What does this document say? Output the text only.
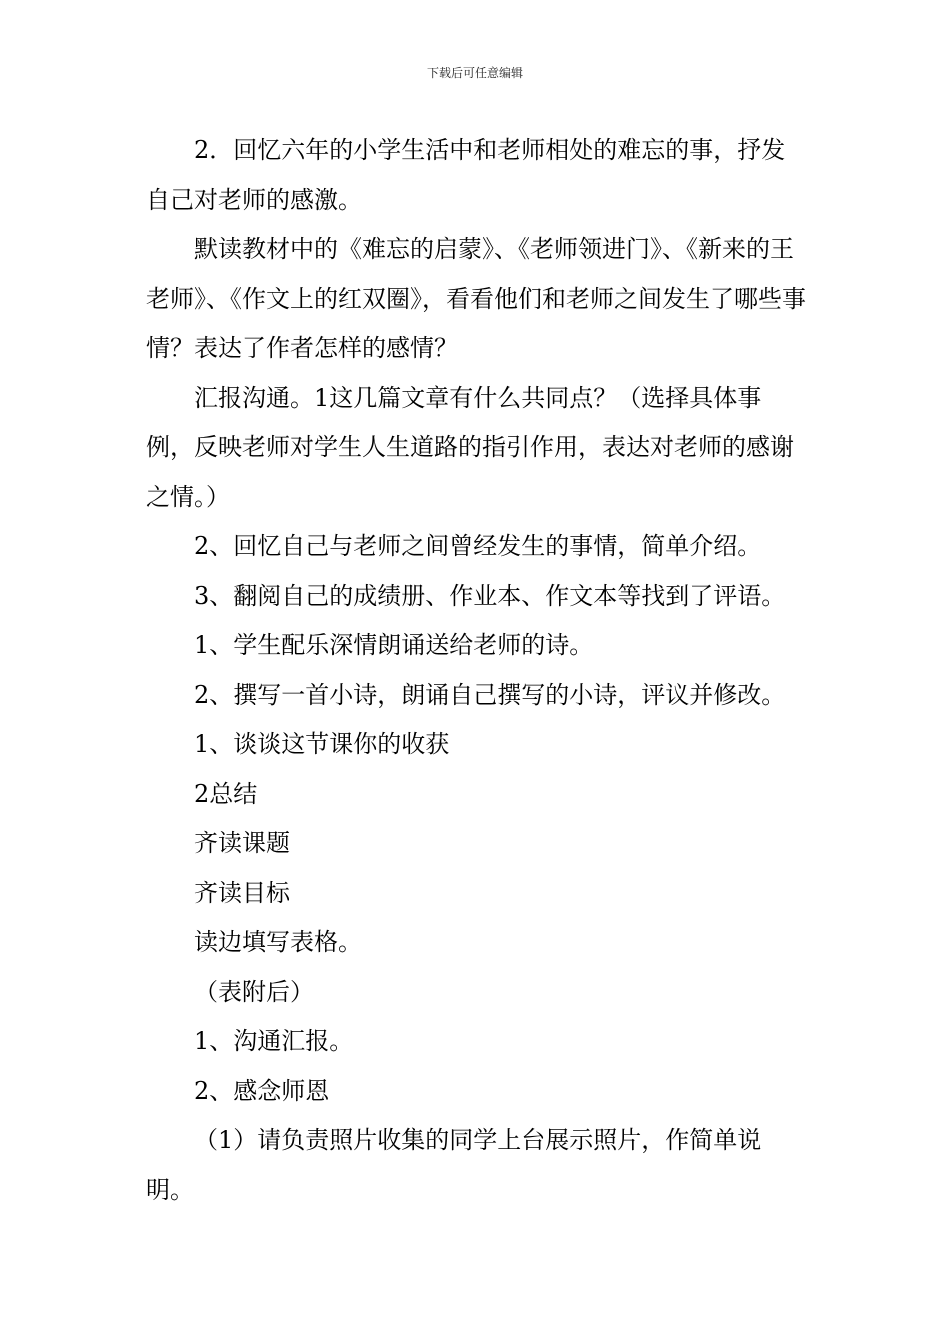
下载后可任意编辑

2．回忆六年的小学生活中和老师相处的难忘的事，抒发自己对老师的感激。

默读教材中的《难忘的启蒙》、《老师领进门》、《新来的王老师》、《作文上的红双圈》，看看他们和老师之间发生了哪些事情？表达了作者怎样的感情？

汇报沟通。1这几篇文章有什么共同点？（选择具体事例，反映老师对学生人生道路的指引作用，表达对老师的感谢之情。）

2、回忆自己与老师之间曾经发生的事情，简单介绍。

3、翻阅自己的成绩册、作业本、作文本等找到了评语。

1、学生配乐深情朗诵送给老师的诗。

2、撰写一首小诗，朗诵自己撰写的小诗，评议并修改。

1、谈谈这节课你的收获

2总结

齐读课题

齐读目标

读边填写表格。

（表附后）

1、沟通汇报。

2、感念师恩

（1）请负责照片收集的同学上台展示照片，作简单说明。
